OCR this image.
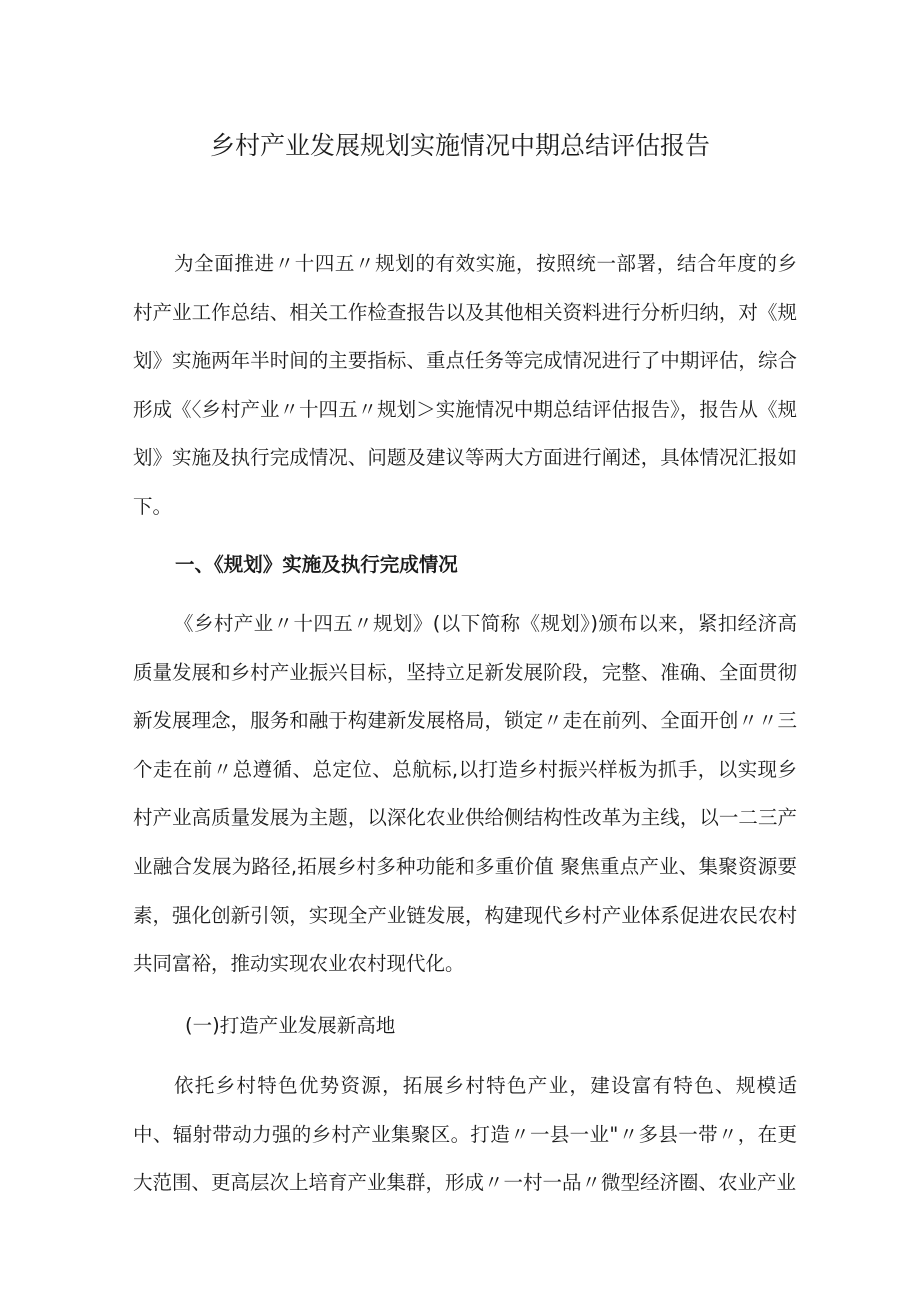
乡村产业发展规划实施情况中期总结评估报告

为全面推进〃十四五〃规划的有效实施，按照统一部署，结合年度的乡村产业工作总结、相关工作检查报告以及其他相关资料进行分析归纳，对《规划》实施两年半时间的主要指标、重点任务等完成情况进行了中期评估，综合形成《〈乡村产业〃十四五〃规划＞实施情况中期总结评估报告》，报告从《规划》实施及执行完成情况、问题及建议等两大方面进行阐述，具体情况汇报如下。

一、《规划》实施及执行完成情况

《乡村产业〃十四五〃规划》(以下简称《规划》)颁布以来，紧扣经济高质量发展和乡村产业振兴目标，坚持立足新发展阶段，完整、准确、全面贯彻新发展理念，服务和融于构建新发展格局，锁定〃走在前列、全面开创〃〃三个走在前〃总遵循、总定位、总航标,以打造乡村振兴样板为抓手，以实现乡村产业高质量发展为主题，以深化农业供给侧结构性改革为主线，以一二三产业融合发展为路径,拓展乡村多种功能和多重价值 聚焦重点产业、集聚资源要素，强化创新引领，实现全产业链发展，构建现代乡村产业体系促进农民农村共同富裕，推动实现农业农村现代化。

(一)打造产业发展新高地

依托乡村特色优势资源，拓展乡村特色产业，建设富有特色、规模适中、辐射带动力强的乡村产业集聚区。打造〃一县一业"〃多县一带〃，在更大范围、更高层次上培育产业集群，形成〃一村一品〃微型经济圈、农业产业
